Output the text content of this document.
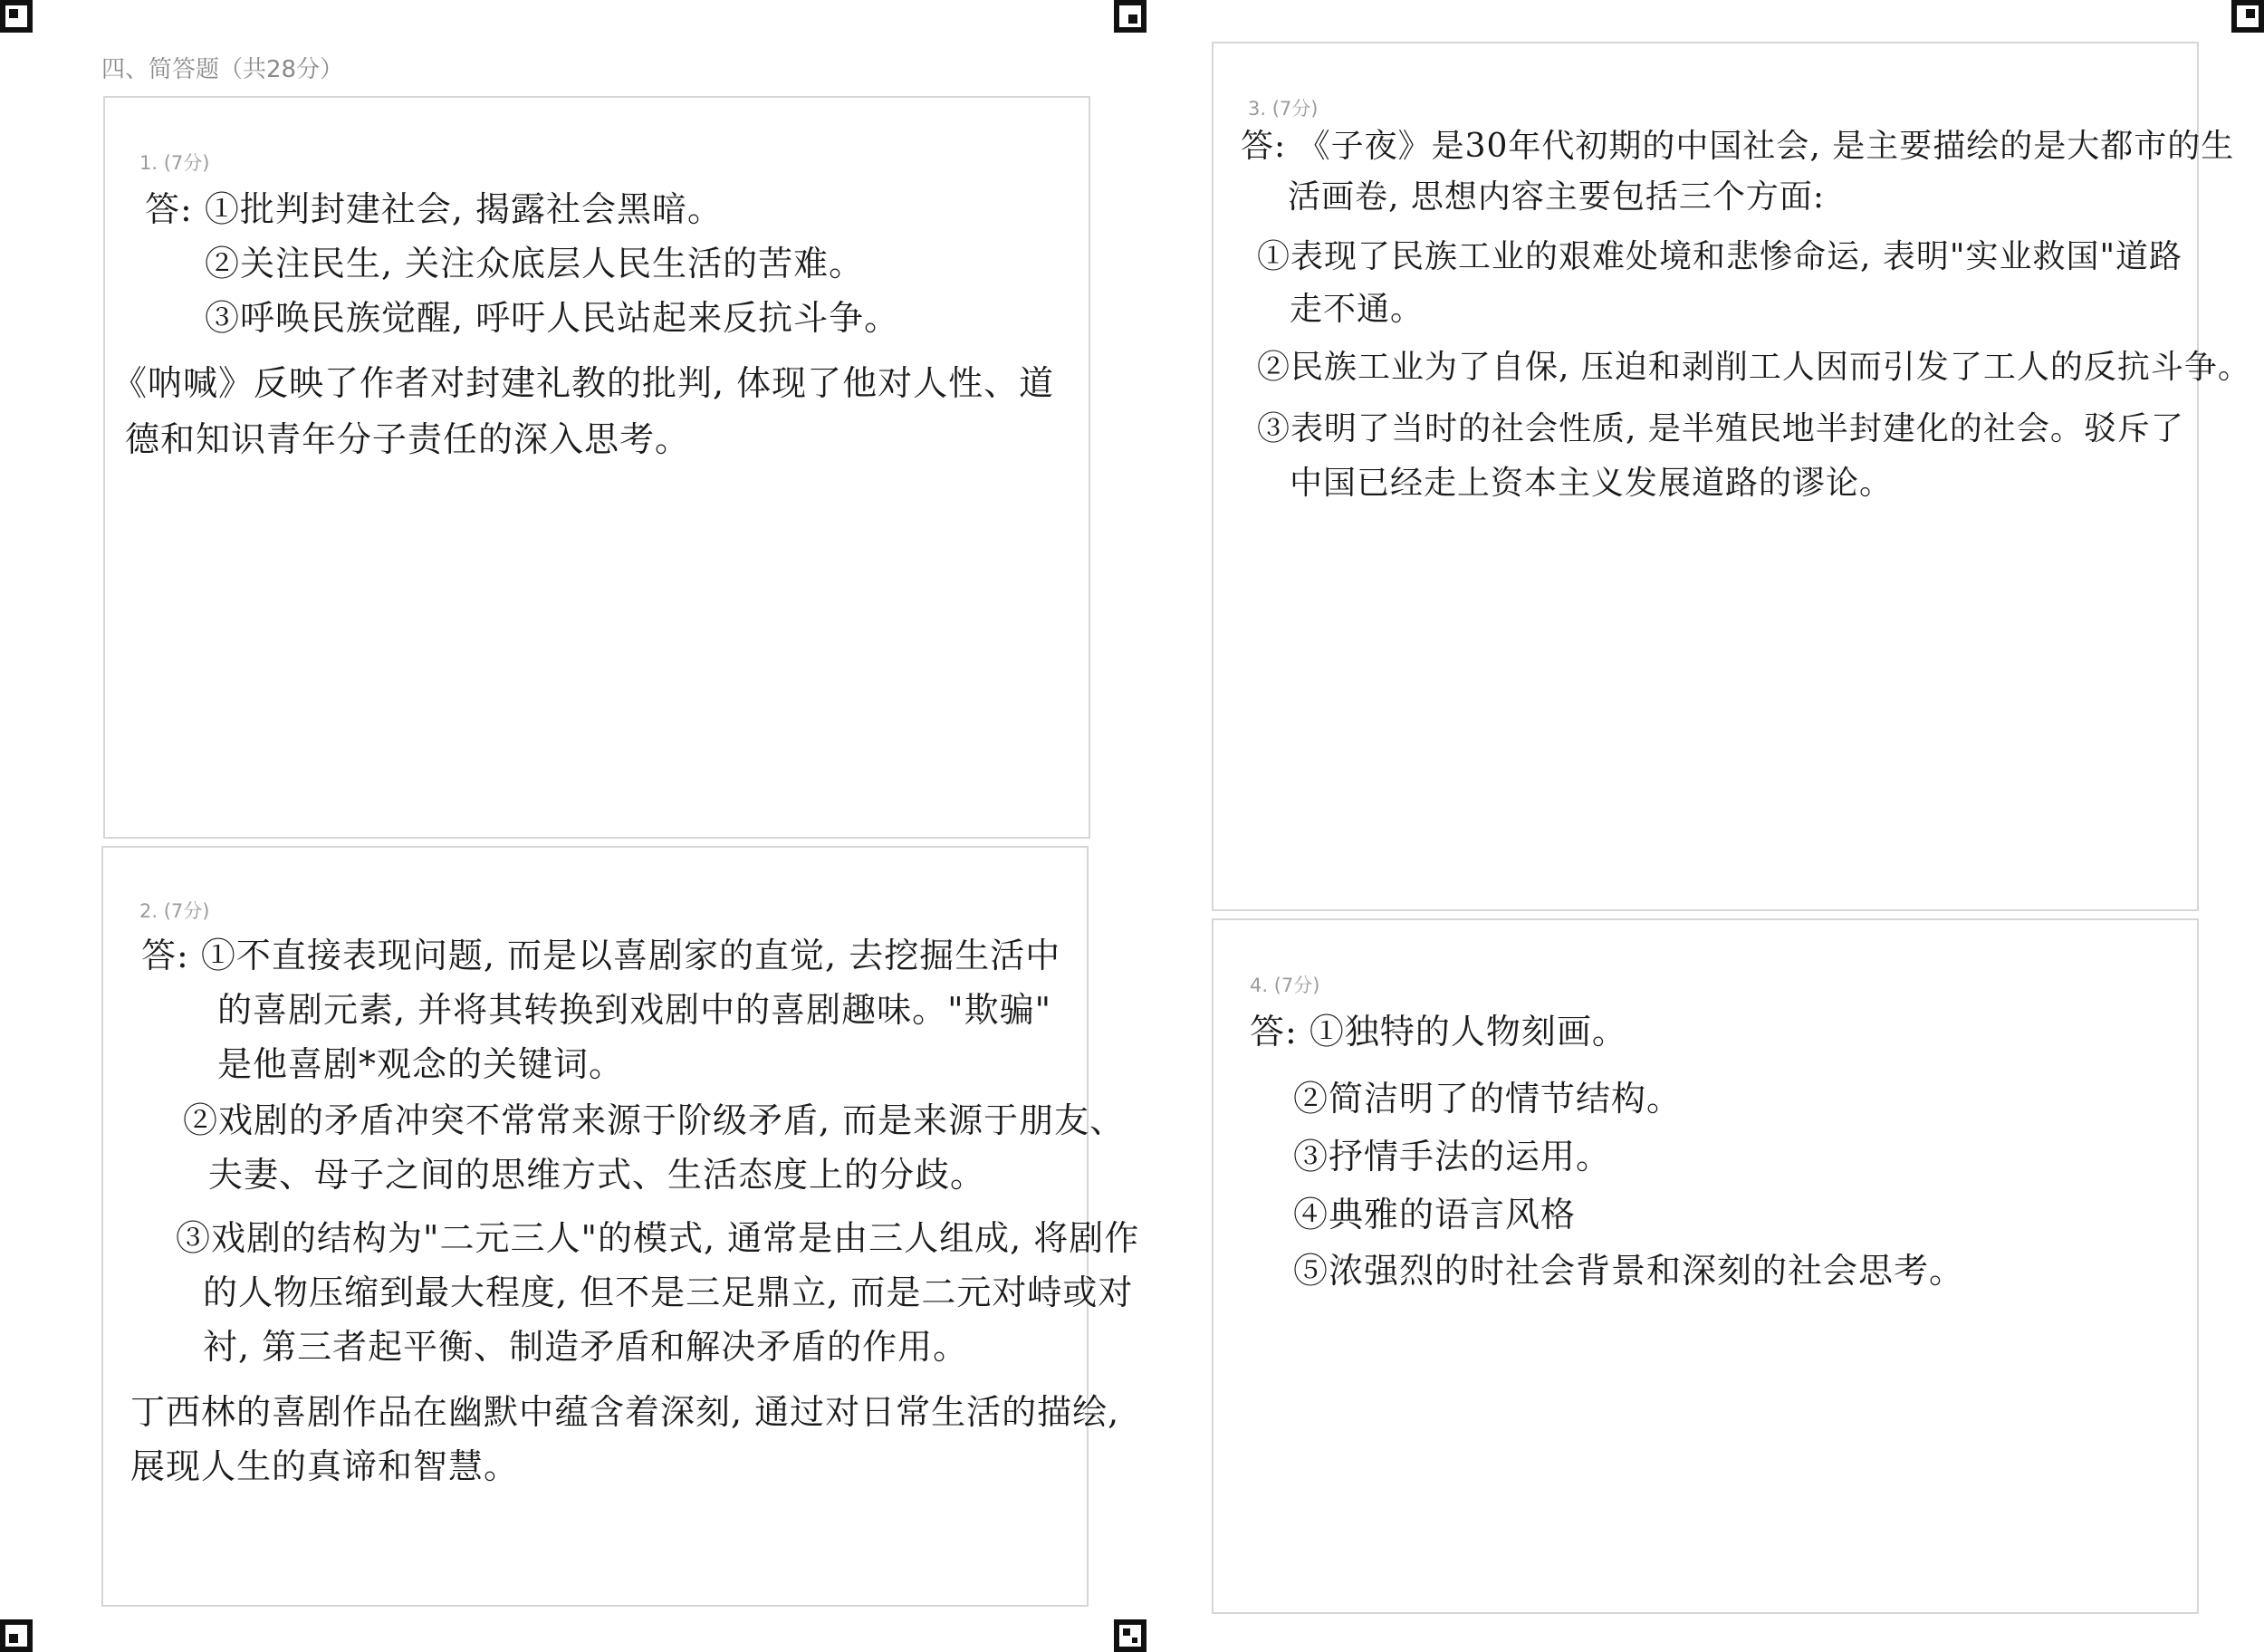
四、简答题（共28分）
1. (7分)
答: ①批判封建社会, 揭露社会黑暗。
②关注民生, 关注众底层人民生活的苦难。
③呼唤民族觉醒, 呼吁人民站起来反抗斗争。
《呐喊》反映了作者对封建礼教的批判, 体现了他对人性、道
德和知识青年分子责任的深入思考。
2. (7分)
答: ①不直接表现问题, 而是以喜剧家的直觉, 去挖掘生活中
的喜剧元素, 并将其转换到戏剧中的喜剧趣味。"欺骗"
是他喜剧*观念的关键词。
②戏剧的矛盾冲突不常常来源于阶级矛盾, 而是来源于朋友、
夫妻、母子之间的思维方式、生活态度上的分歧。
③戏剧的结构为"二元三人"的模式, 通常是由三人组成, 将剧作
的人物压缩到最大程度, 但不是三足鼎立, 而是二元对峙或对
衬, 第三者起平衡、制造矛盾和解决矛盾的作用。
丁西林的喜剧作品在幽默中蕴含着深刻, 通过对日常生活的描绘,
展现人生的真谛和智慧。
3. (7分)
答: 《子夜》是30年代初期的中国社会, 是主要描绘的是大都市的生
活画卷, 思想内容主要包括三个方面:
①表现了民族工业的艰难处境和悲惨命运, 表明"实业救国"道路
走不通。
②民族工业为了自保, 压迫和剥削工人因而引发了工人的反抗斗争。
③表明了当时的社会性质, 是半殖民地半封建化的社会。驳斥了
中国已经走上资本主义发展道路的谬论。
4. (7分)
答: ①独特的人物刻画。
②简洁明了的情节结构。
③抒情手法的运用。
④典雅的语言风格
⑤浓强烈的时社会背景和深刻的社会思考。
